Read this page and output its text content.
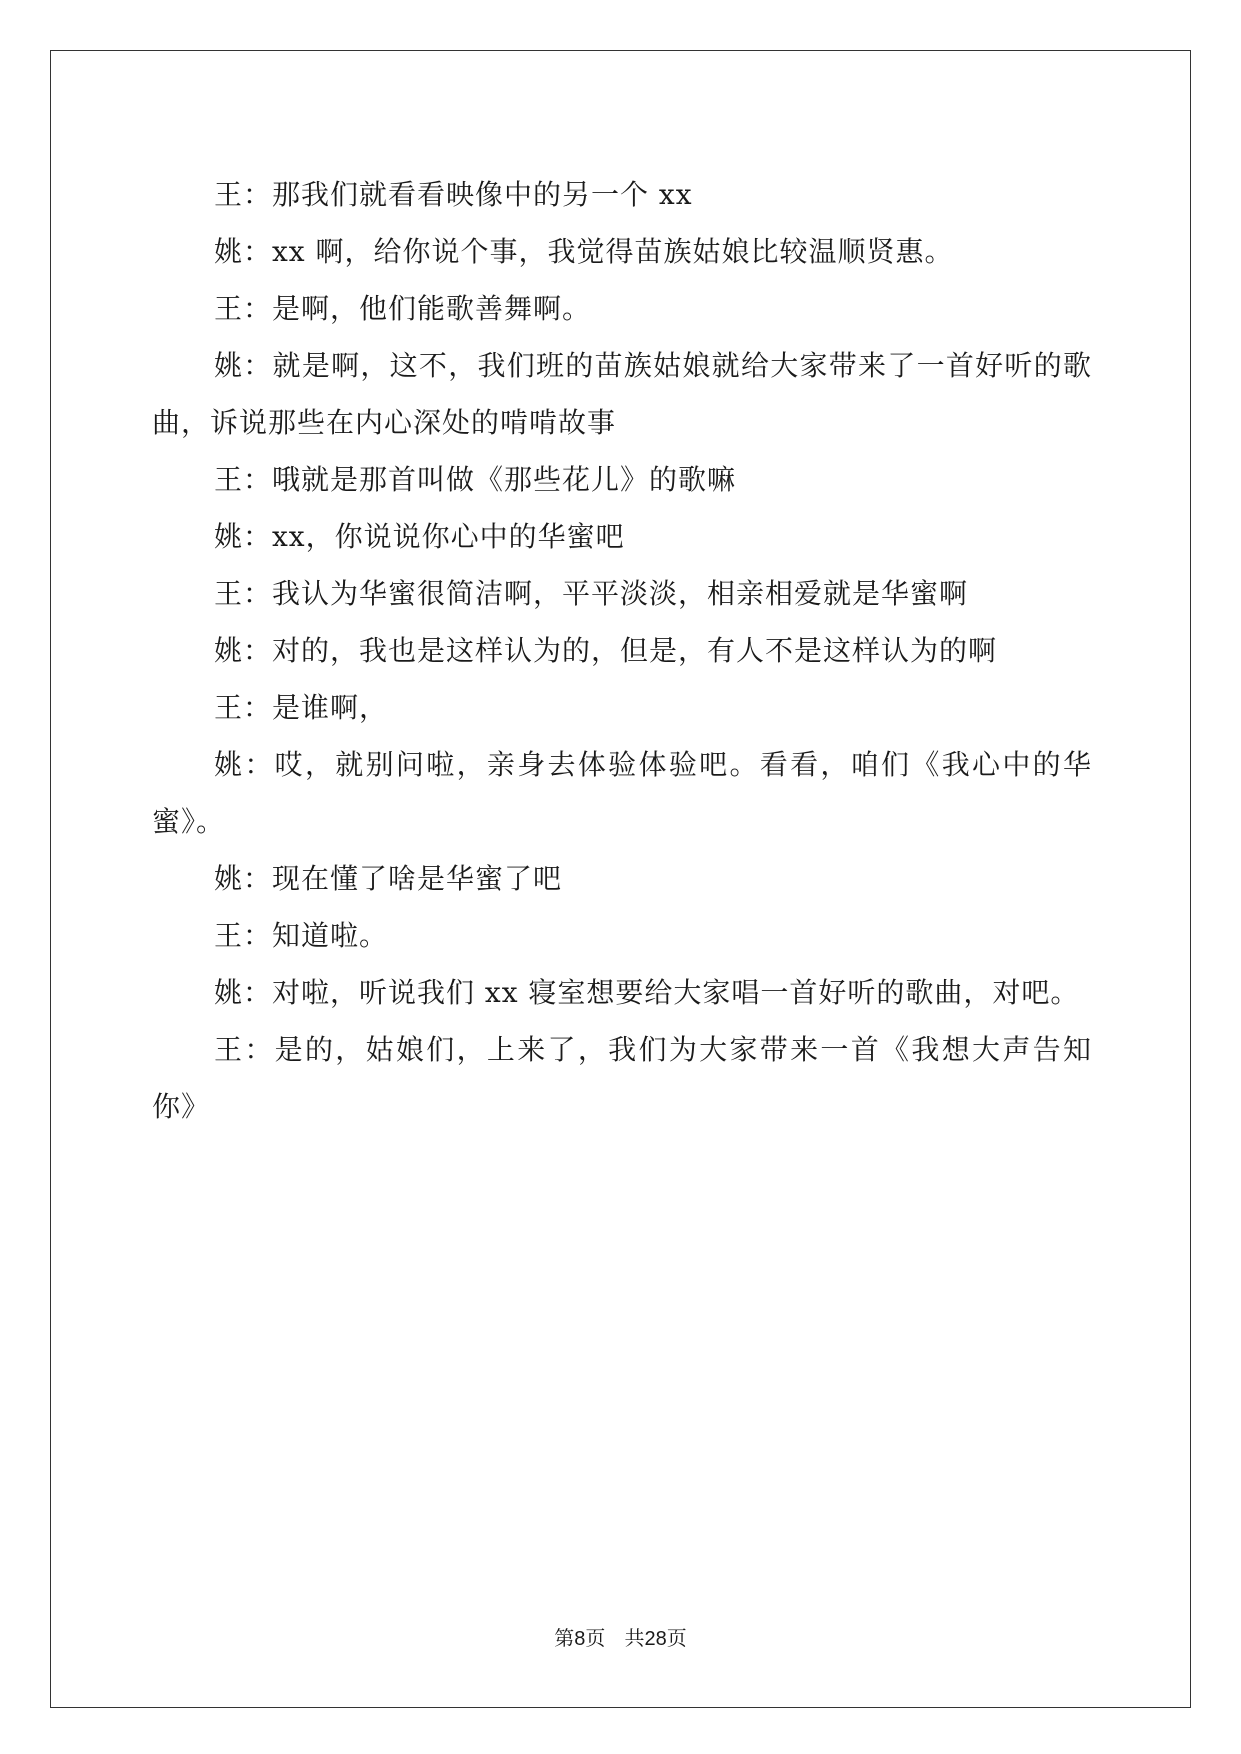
王：那我们就看看映像中的另一个 xx

姚：xx 啊，给你说个事，我觉得苗族姑娘比较温顺贤惠。

王：是啊，他们能歌善舞啊。

姚：就是啊，这不，我们班的苗族姑娘就给大家带来了一首好听的歌曲，诉说那些在内心深处的啃啃故事

王：哦就是那首叫做《那些花儿》的歌嘛

姚：xx，你说说你心中的华蜜吧

王：我认为华蜜很简洁啊，平平淡淡，相亲相爱就是华蜜啊

姚：对的，我也是这样认为的，但是，有人不是这样认为的啊

王：是谁啊，

姚：哎，就别问啦，亲身去体验体验吧。看看，咱们《我心中的华蜜》。

姚：现在懂了啥是华蜜了吧

王：知道啦。

姚：对啦，听说我们 xx 寝室想要给大家唱一首好听的歌曲，对吧。

王：是的，姑娘们，上来了，我们为大家带来一首《我想大声告知你》

第8页 共28页
